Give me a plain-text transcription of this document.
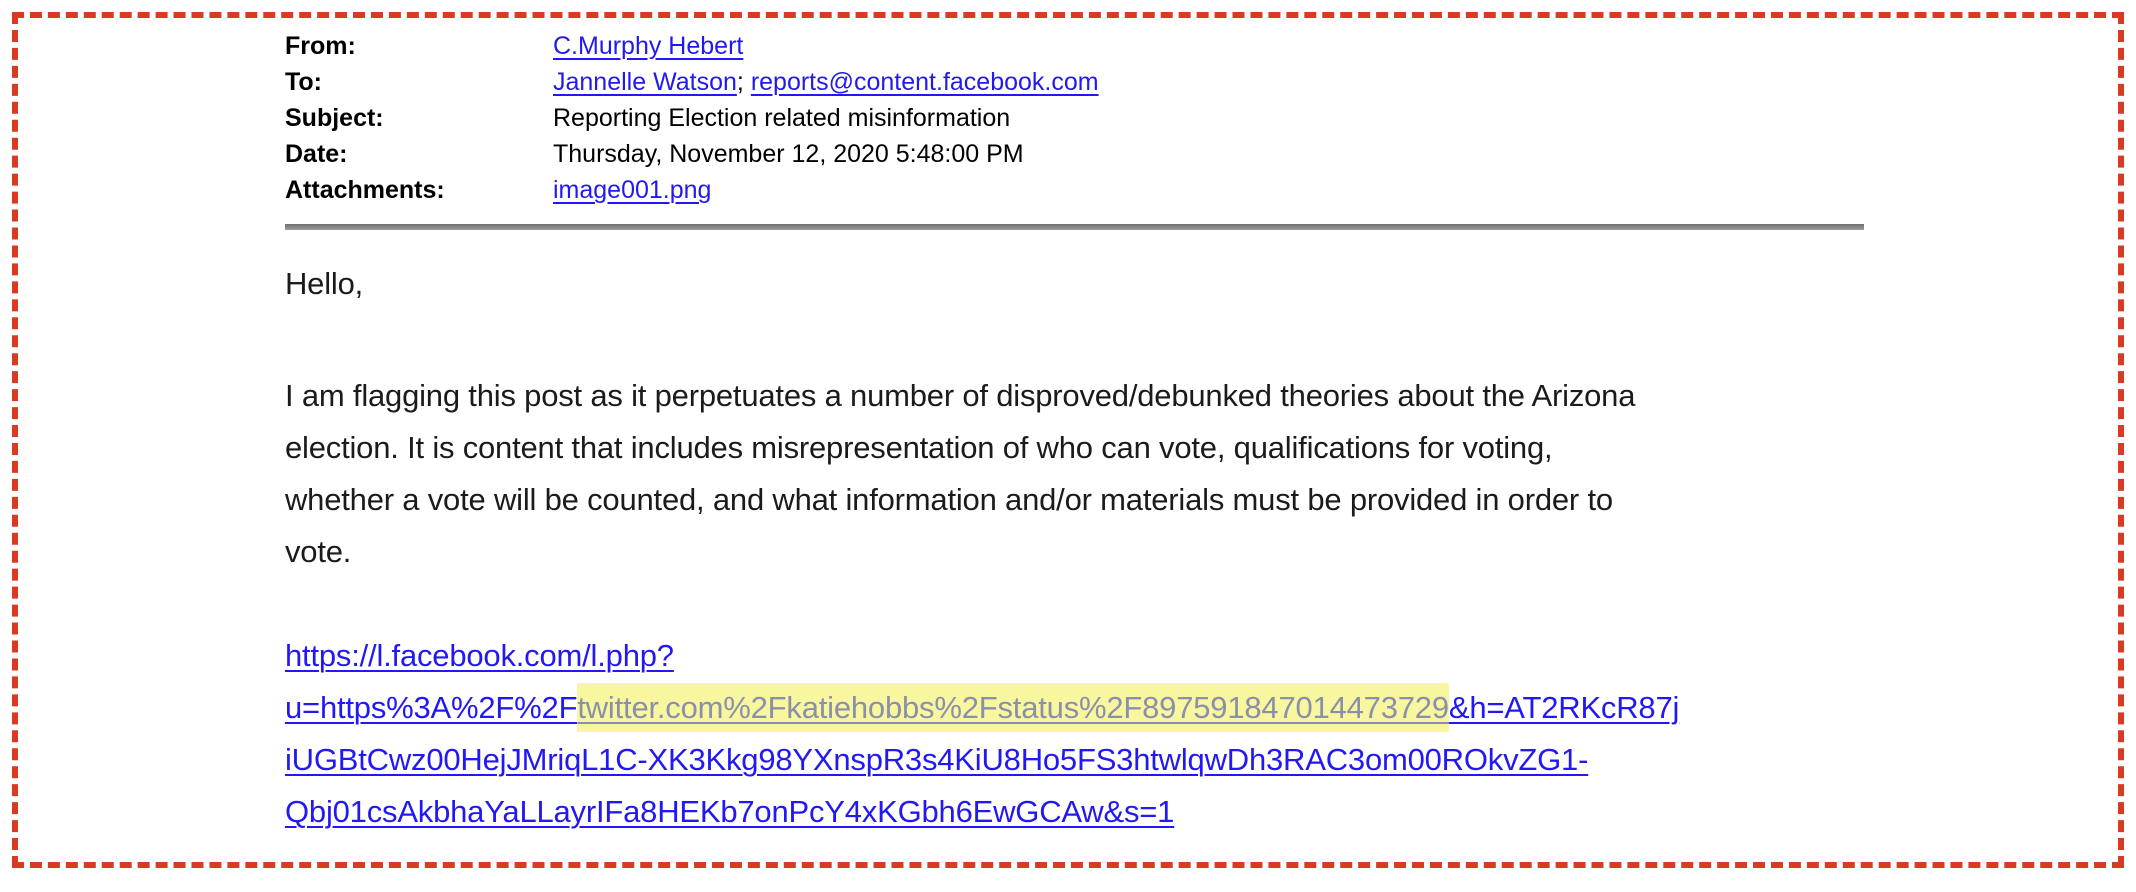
From:	C.Murphy Hebert
To:	Jannelle Watson; reports@content.facebook.com
Subject:	Reporting Election related misinformation
Date:	Thursday, November 12, 2020 5:48:00 PM
Attachments:	image001.png
Hello,
I am flagging this post as it perpetuates a number of disproved/debunked theories about the Arizona
election. It is content that includes misrepresentation of who can vote, qualifications for voting,
whether a vote will be counted, and what information and/or materials must be provided in order to
vote.
https://l.facebook.com/l.php?
u=https%3A%2F%2Ftwitter.com%2Fkatiehobbs%2Fstatus%2F897591847014473729&h=AT2RKcR87j
iUGBtCwz00HejJMriqL1C-XK3Kkg98YXnspR3s4KiU8Ho5FS3htwlqwDh3RAC3om00ROkvZG1-
Qbj01csAkbhaYaLLayrIFa8HEKb7onPcY4xKGbh6EwGCAw&s=1
